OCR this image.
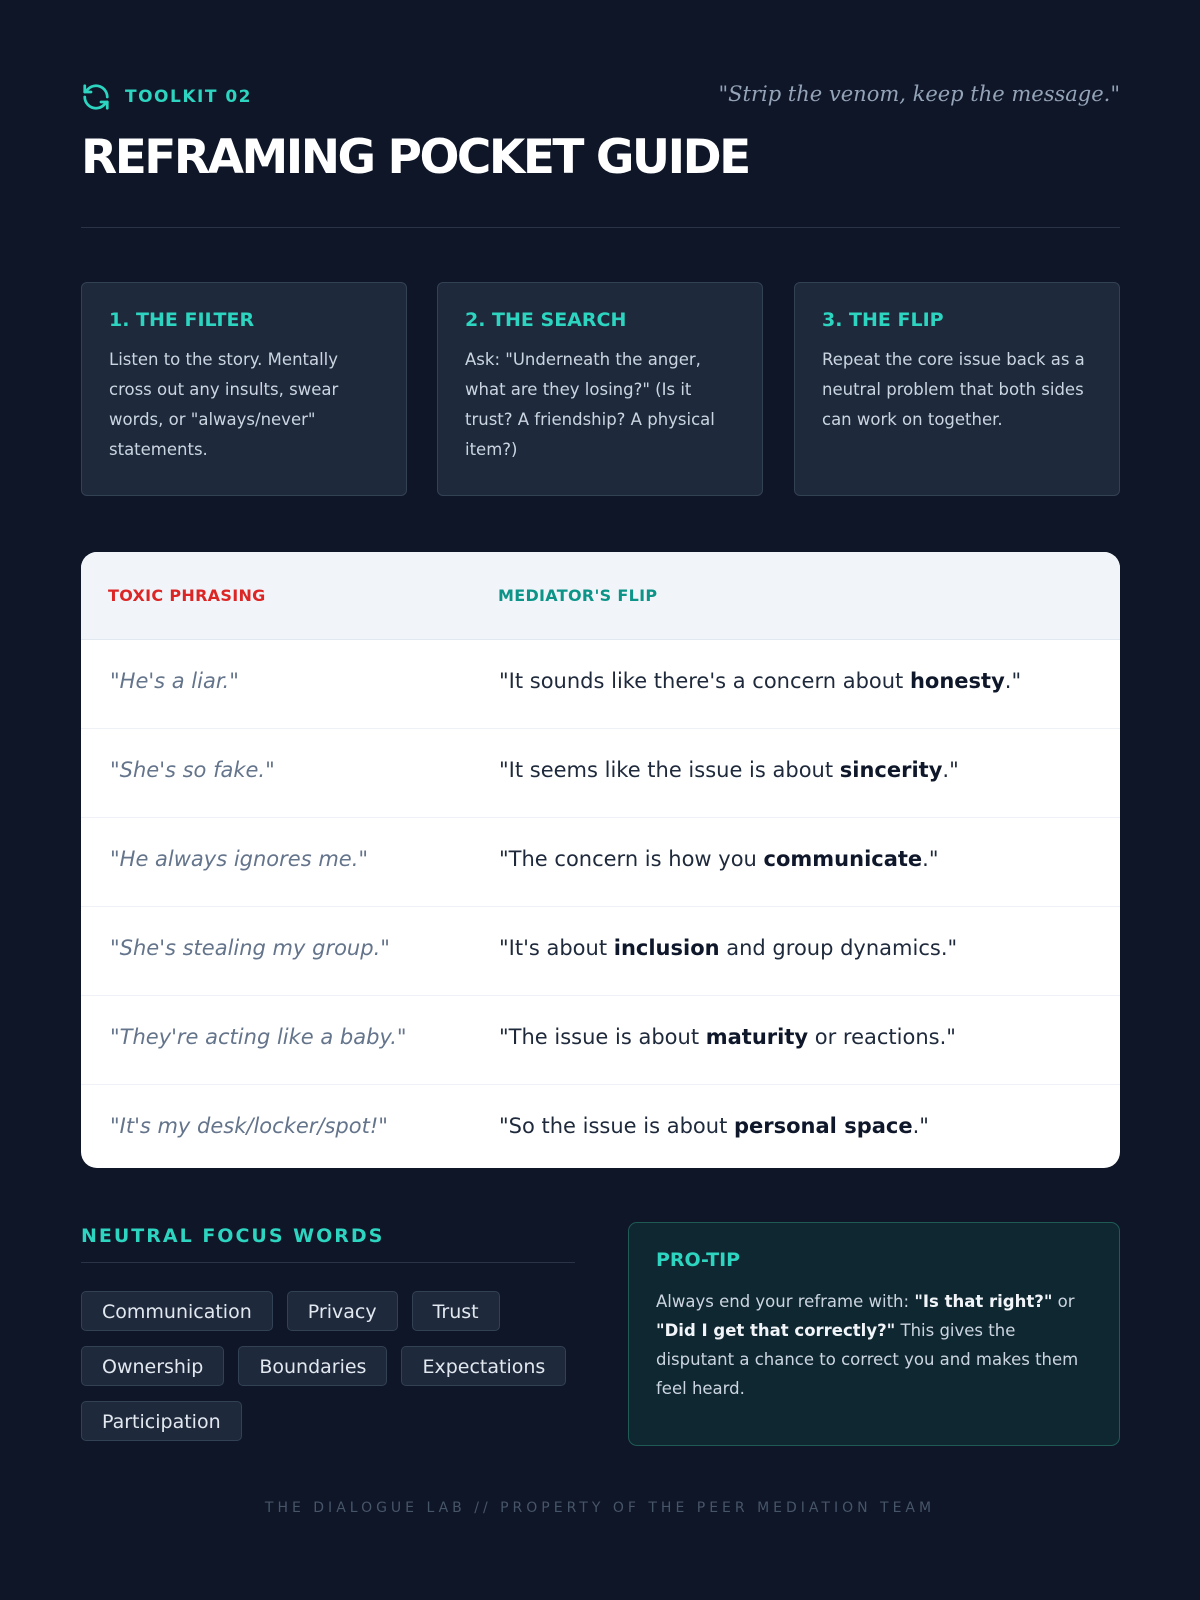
TOOLKIT 02	"Strip the venom, keep the message."
REFRAMING POCKET GUIDE
1. THE FILTER

Listen to the story. Mentally cross out any insults, swear words, or "always/never" statements.

2. THE SEARCH

Ask: "Underneath the anger, what are they losing?" (Is it trust? A friendship? A physical item?)

3. THE FLIP

Repeat the core issue back as a neutral problem that both sides can work on together.

TOXIC PHRASING	MEDIATOR'S FLIP
"He's a liar."	"It sounds like there's a concern about honesty."
"She's so fake."	"It seems like the issue is about sincerity."
"He always ignores me."	"The concern is how you communicate."
"She's stealing my group."	"It's about inclusion and group dynamics."
"They're acting like a baby."	"The issue is about maturity or reactions."
"It's my desk/locker/spot!"	"So the issue is about personal space."
NEUTRAL FOCUS WORDS
Communication	Privacy	Trust
Ownership	Boundaries	Expectations
Participation
PRO-TIP

Always end your reframe with: "Is that right?" or "Did I get that correctly?" This gives the disputant a chance to correct you and makes them feel heard.

THE DIALOGUE LAB // PROPERTY OF THE PEER MEDIATION TEAM
